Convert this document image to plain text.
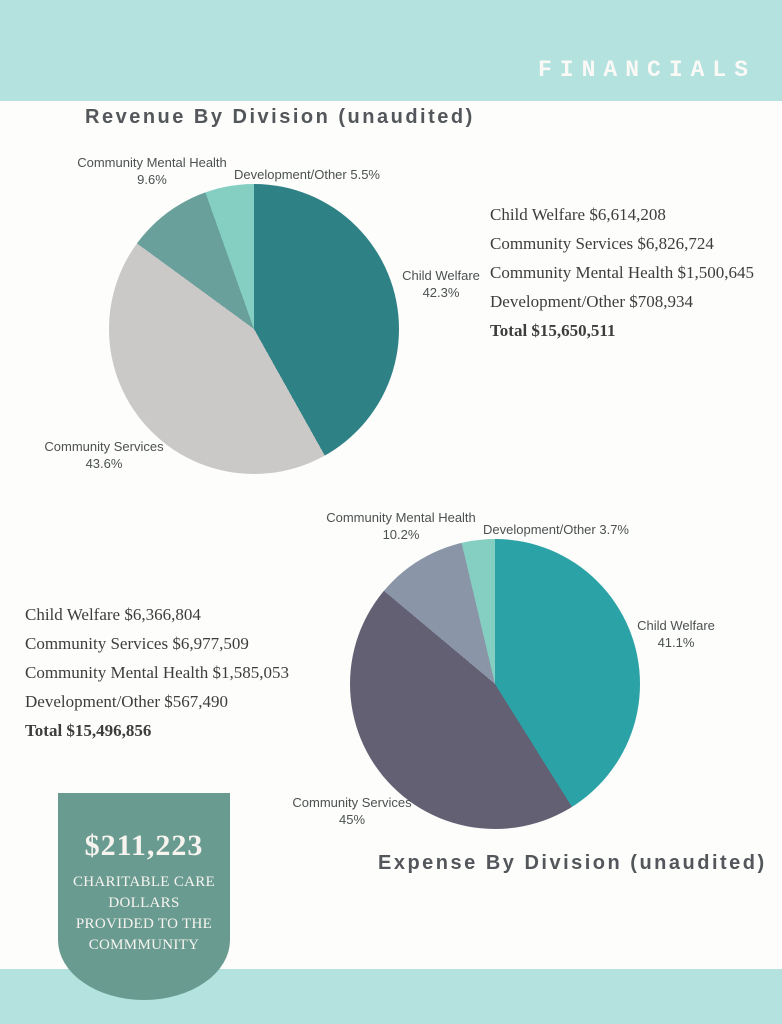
FINANCIALS
Revenue By Division (unaudited)
Community Mental Health
9.6%	Development/Other 5.5%
Child Welfare
42.3%
Community Services
43.6%
Child Welfare $6,614,208
Community Services $6,826,724
Community Mental Health $1,500,645
Development/Other $708,934
Total $15,650,511
Community Mental Health
10.2%	Development/Other 3.7%
Child Welfare
41.1%
Community Services
45%
Child Welfare $6,366,804
Community Services $6,977,509
Community Mental Health $1,585,053
Development/Other $567,490
Total $15,496,856
Expense By Division (unaudited)
$211,223
CHARITABLE CARE
DOLLARS
PROVIDED TO THE
COMMMUNITY
